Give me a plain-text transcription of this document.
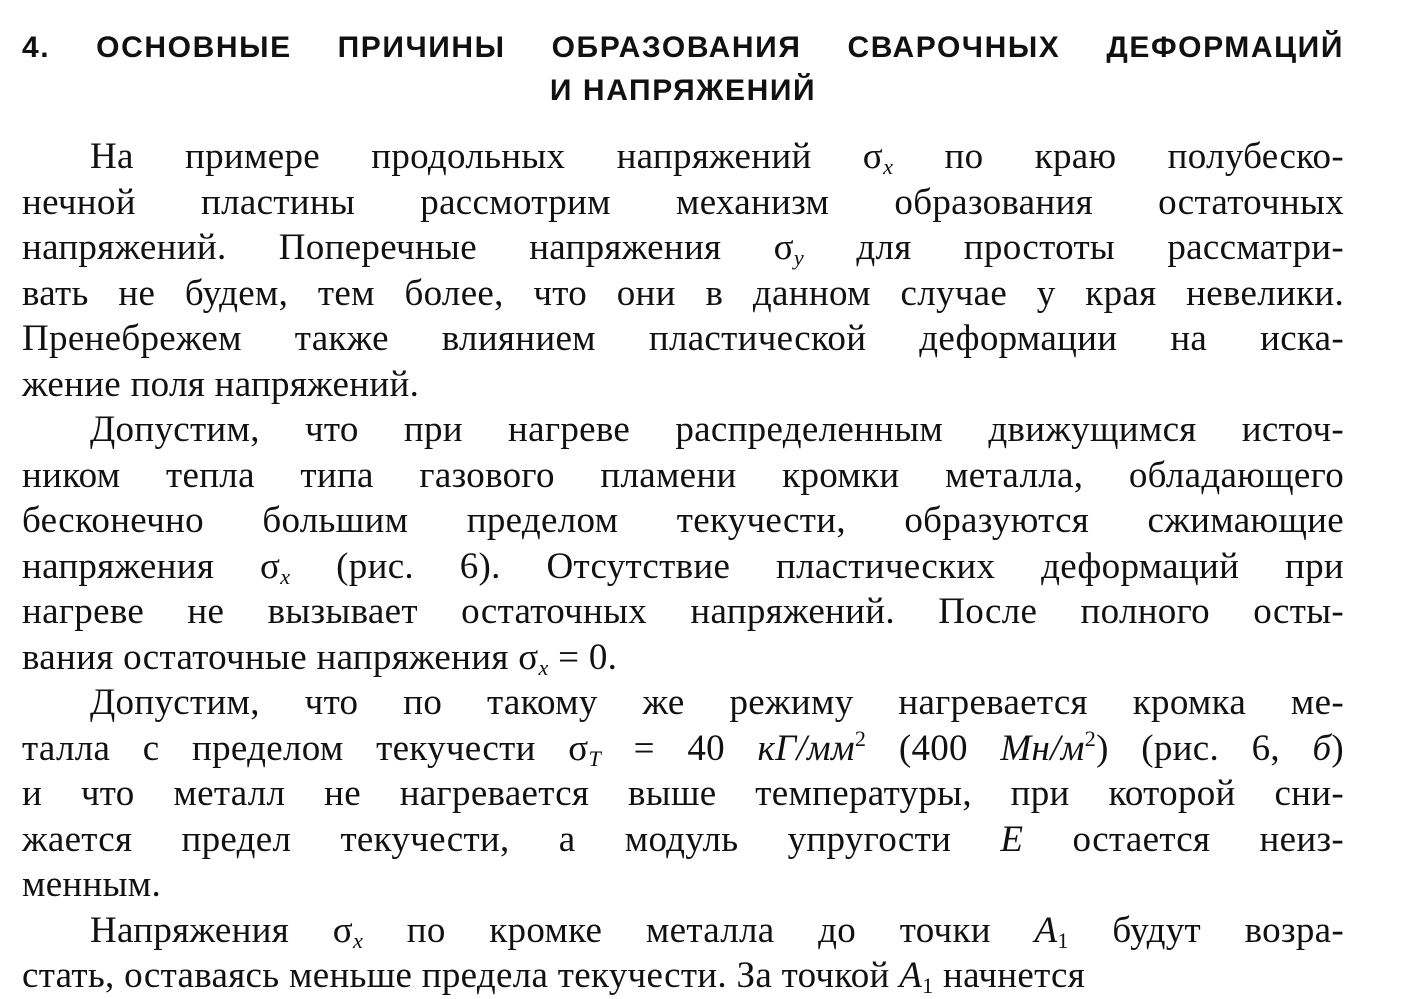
4. ОСНОВНЫЕ ПРИЧИНЫ ОБРАЗОВАНИЯ СВАРОЧНЫХ ДЕФОРМАЦИЙ
И НАПРЯЖЕНИЙ
На примере продольных напряжений $\sigma_x$ по краю полубеско-
нечной пластины рассмотрим механизм образования остаточных
напряжений. Поперечные напряжения $\sigma_y$ для простоты рассматри-
вать не будем, тем более, что они в данном случае у края невелики.
Пренебрежем также влиянием пластической деформации на иска-
жение поля напряжений.
Допустим, что при нагреве распределенным движущимся источ-
ником тепла типа газового пламени кромки металла, обладающего
бесконечно большим пределом текучести, образуются сжимающие
напряжения $\sigma_x$ (рис. 6). Отсутствие пластических деформаций при
нагреве не вызывает остаточных напряжений. После полного осты-
вания остаточные напряжения $\sigma_x = 0$.
Допустим, что по такому же режиму нагревается кромка ме-
талла с пределом текучести $\sigma_T = 40$ $кГ/мм^2$ (400 $Мн/м^2$) (рис. 6, б)
и что металл не нагревается выше температуры, при которой сни-
жается предел текучести, а модуль упругости E остается неиз-
менным.
Напряжения $\sigma_x$ по кромке металла до точки $A_1$ будут возра-
стать, оставаясь меньше предела текучести. За точкой $A_1$ начнется
